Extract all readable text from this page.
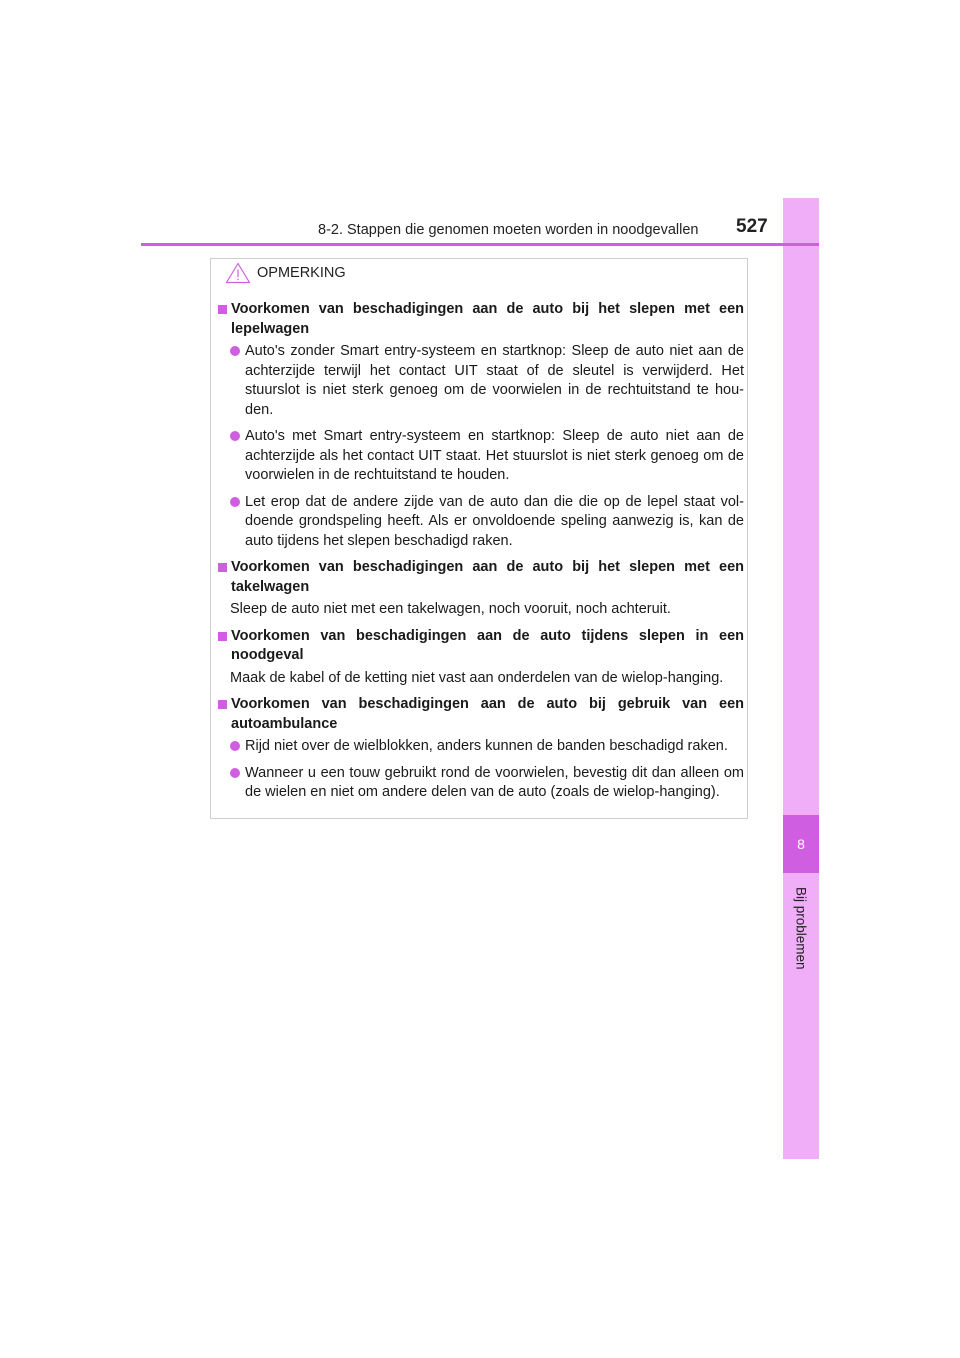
8
Bij problemen
8-2. Stappen die genomen moeten worden in noodgevallen 527
OPMERKING
Voorkomen van beschadigingen aan de auto bij het slepen met een lepelwagen
Auto's zonder Smart entry-systeem en startknop: Sleep de auto niet aan de achterzijde terwijl het contact UIT staat of de sleutel is verwijderd. Het stuurslot is niet sterk genoeg om de voorwielen in de rechtuitstand te hou-den.
Auto's met Smart entry-systeem en startknop: Sleep de auto niet aan de achterzijde als het contact UIT staat. Het stuurslot is niet sterk genoeg om de voorwielen in de rechtuitstand te houden.
Let erop dat de andere zijde van de auto dan die die op de lepel staat vol-doende grondspeling heeft. Als er onvoldoende speling aanwezig is, kan de auto tijdens het slepen beschadigd raken.
Voorkomen van beschadigingen aan de auto bij het slepen met een takelwagen
Sleep de auto niet met een takelwagen, noch vooruit, noch achteruit.
Voorkomen van beschadigingen aan de auto tijdens slepen in een noodgeval
Maak de kabel of de ketting niet vast aan onderdelen van de wielop-hanging.
Voorkomen van beschadigingen aan de auto bij gebruik van een autoambulance
Rijd niet over de wielblokken, anders kunnen de banden beschadigd raken.
Wanneer u een touw gebruikt rond de voorwielen, bevestig dit dan alleen om de wielen en niet om andere delen van de auto (zoals de wielop-hanging).
